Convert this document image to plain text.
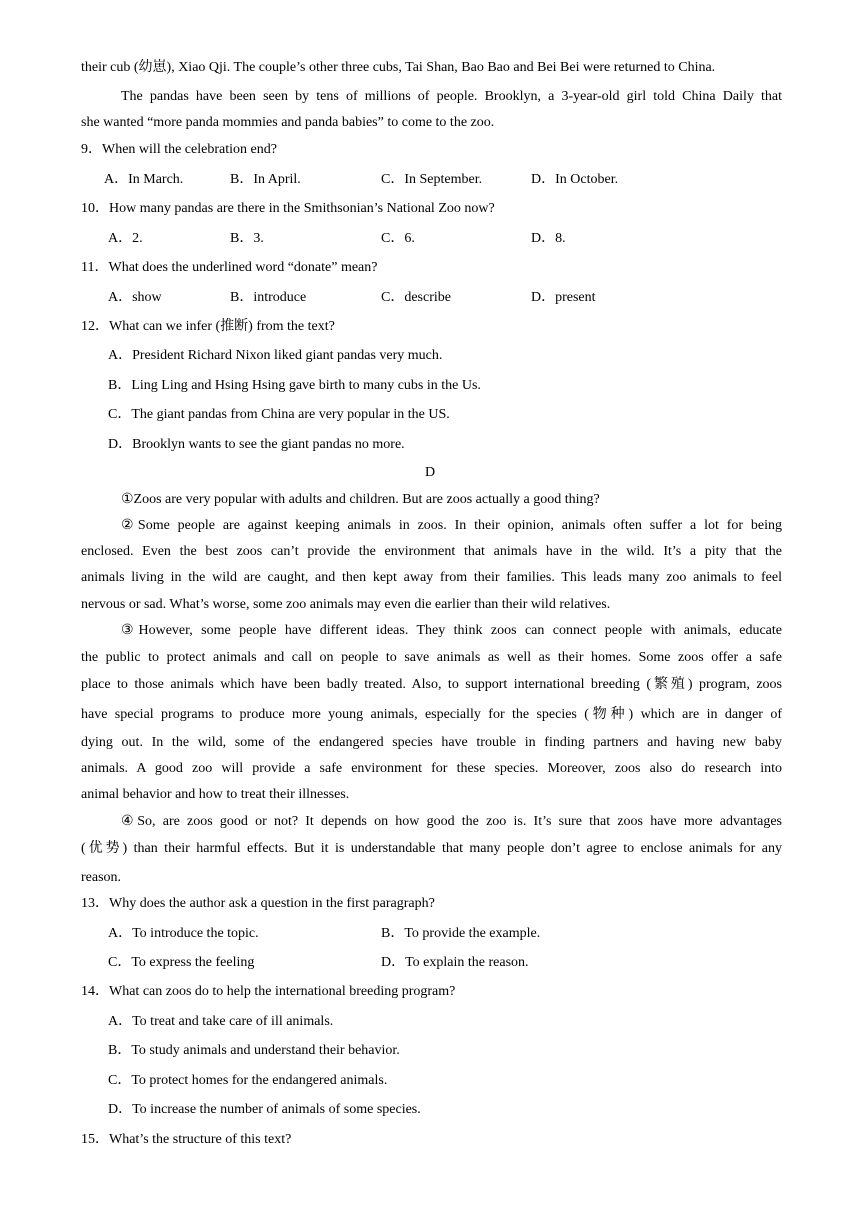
their cub (幼崽), Xiao Qji. The couple’s other three cubs, Tai Shan, Bao Bao and Bei Bei were returned to China.
The pandas have been seen by tens of millions of people. Brooklyn, a 3-year-old girl told China Daily that
she wanted “more panda mommies and panda babies” to come to the zoo.
9．When will the celebration end?
A．In March.	B．In April.	C．In September.	D．In October.
10．How many pandas are there in the Smithsonian’s National Zoo now?
A．2.	B．3.	C．6.	D．8.
11．What does the underlined word “donate” mean?
A．show	B．introduce	C．describe	D．present
12．What can we infer (推断) from the text?
A．President Richard Nixon liked giant pandas very much.
B．Ling Ling and Hsing Hsing gave birth to many cubs in the Us.
C．The giant pandas from China are very popular in the US.
D．Brooklyn wants to see the giant pandas no more.
D
①Zoos are very popular with adults and children. But are zoos actually a good thing?
②Some people are against keeping animals in zoos. In their opinion, animals often suffer a lot for being
enclosed. Even the best zoos can’t provide the environment that animals have in the wild. It’s a pity that the
animals living in the wild are caught, and then kept away from their families. This leads many zoo animals to feel
nervous or sad. What’s worse, some zoo animals may even die earlier than their wild relatives.
③However, some people have different ideas. They think zoos can connect people with animals, educate
the public to protect animals and call on people to save animals as well as their homes. Some zoos offer a safe
place to those animals which have been badly treated. Also, to support international breeding (繁殖) program, zoos
have special programs to produce more young animals, especially for the species (物种) which are in danger of
dying out. In the wild, some of the endangered species have trouble in finding partners and having new baby
animals. A good zoo will provide a safe environment for these species. Moreover, zoos also do research into
animal behavior and how to treat their illnesses.
④So, are zoos good or not? It depends on how good the zoo is. It’s sure that zoos have more advantages
(优势) than their harmful effects. But it is understandable that many people don’t agree to enclose animals for any
reason.
13．Why does the author ask a question in the first paragraph?
A．To introduce the topic.	B．To provide the example.
C．To express the feeling	D．To explain the reason.
14．What can zoos do to help the international breeding program?
A．To treat and take care of ill animals.
B．To study animals and understand their behavior.
C．To protect homes for the endangered animals.
D．To increase the number of animals of some species.
15．What’s the structure of this text?
